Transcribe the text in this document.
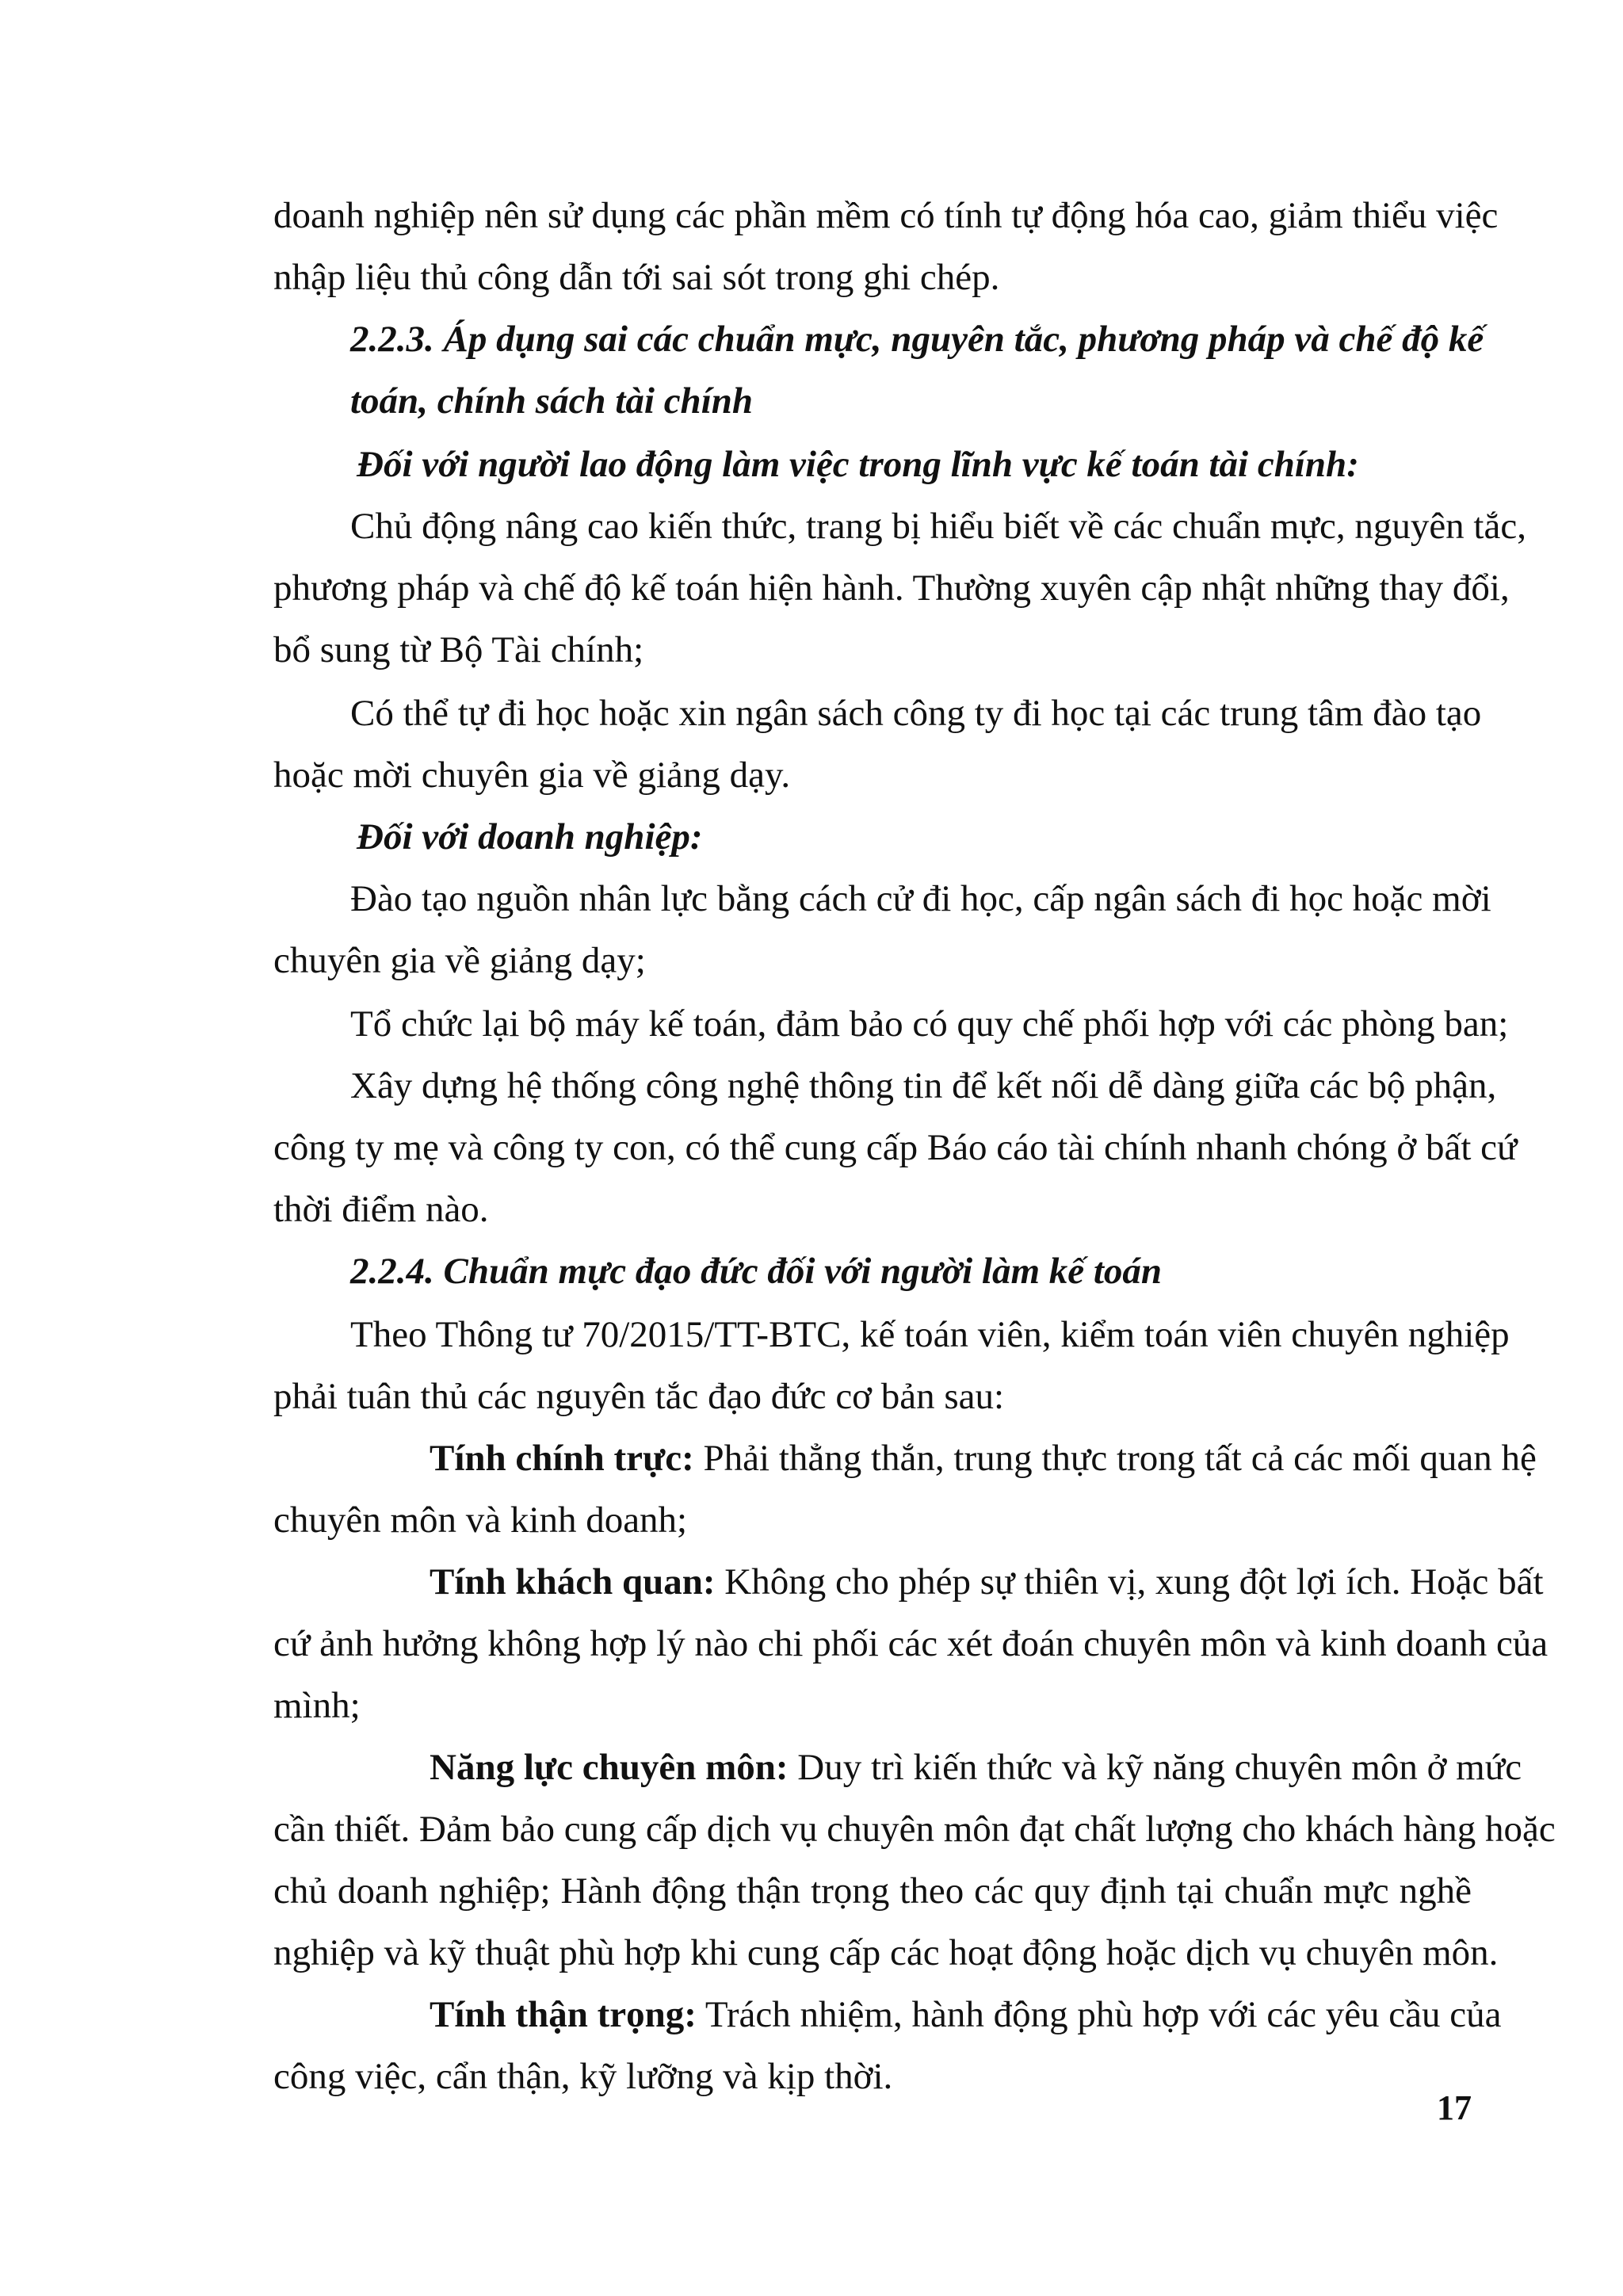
doanh nghiệp nên sử dụng các phần mềm có tính tự động hóa cao, giảm thiểu việc
nhập liệu thủ công dẫn tới sai sót trong ghi chép.
2.2.3. Áp dụng sai các chuẩn mực, nguyên tắc, phương pháp và chế độ kế
toán, chính sách tài chính
Đối với người lao động làm việc trong lĩnh vực kế toán tài chính:
Chủ động nâng cao kiến thức, trang bị hiểu biết về các chuẩn mực, nguyên tắc,
phương pháp và chế độ kế toán hiện hành. Thường xuyên cập nhật những thay đổi,
bổ sung từ Bộ Tài chính;
Có thể tự đi học hoặc xin ngân sách công ty đi học tại các trung tâm đào tạo
hoặc mời chuyên gia về giảng dạy.
Đối với doanh nghiệp:
Đào tạo nguồn nhân lực bằng cách cử đi học, cấp ngân sách đi học hoặc mời
chuyên gia về giảng dạy;
Tổ chức lại bộ máy kế toán, đảm bảo có quy chế phối hợp với các phòng ban;
Xây dựng hệ thống công nghệ thông tin để kết nối dễ dàng giữa các bộ phận,
công ty mẹ và công ty con, có thể cung cấp Báo cáo tài chính nhanh chóng ở bất cứ
thời điểm nào.
2.2.4. Chuẩn mực đạo đức đối với người làm kế toán
Theo Thông tư 70/2015/TT-BTC, kế toán viên, kiểm toán viên chuyên nghiệp
phải tuân thủ các nguyên tắc đạo đức cơ bản sau:
Tính chính trực: Phải thẳng thắn, trung thực trong tất cả các mối quan hệ
chuyên môn và kinh doanh;
Tính khách quan: Không cho phép sự thiên vị, xung đột lợi ích. Hoặc bất
cứ ảnh hưởng không hợp lý nào chi phối các xét đoán chuyên môn và kinh doanh của
mình;
Năng lực chuyên môn: Duy trì kiến thức và kỹ năng chuyên môn ở mức
cần thiết. Đảm bảo cung cấp dịch vụ chuyên môn đạt chất lượng cho khách hàng hoặc
chủ doanh nghiệp; Hành động thận trọng theo các quy định tại chuẩn mực nghề
nghiệp và kỹ thuật phù hợp khi cung cấp các hoạt động hoặc dịch vụ chuyên môn.
Tính thận trọng: Trách nhiệm, hành động phù hợp với các yêu cầu của
công việc, cẩn thận, kỹ lưỡng và kịp thời.
17
